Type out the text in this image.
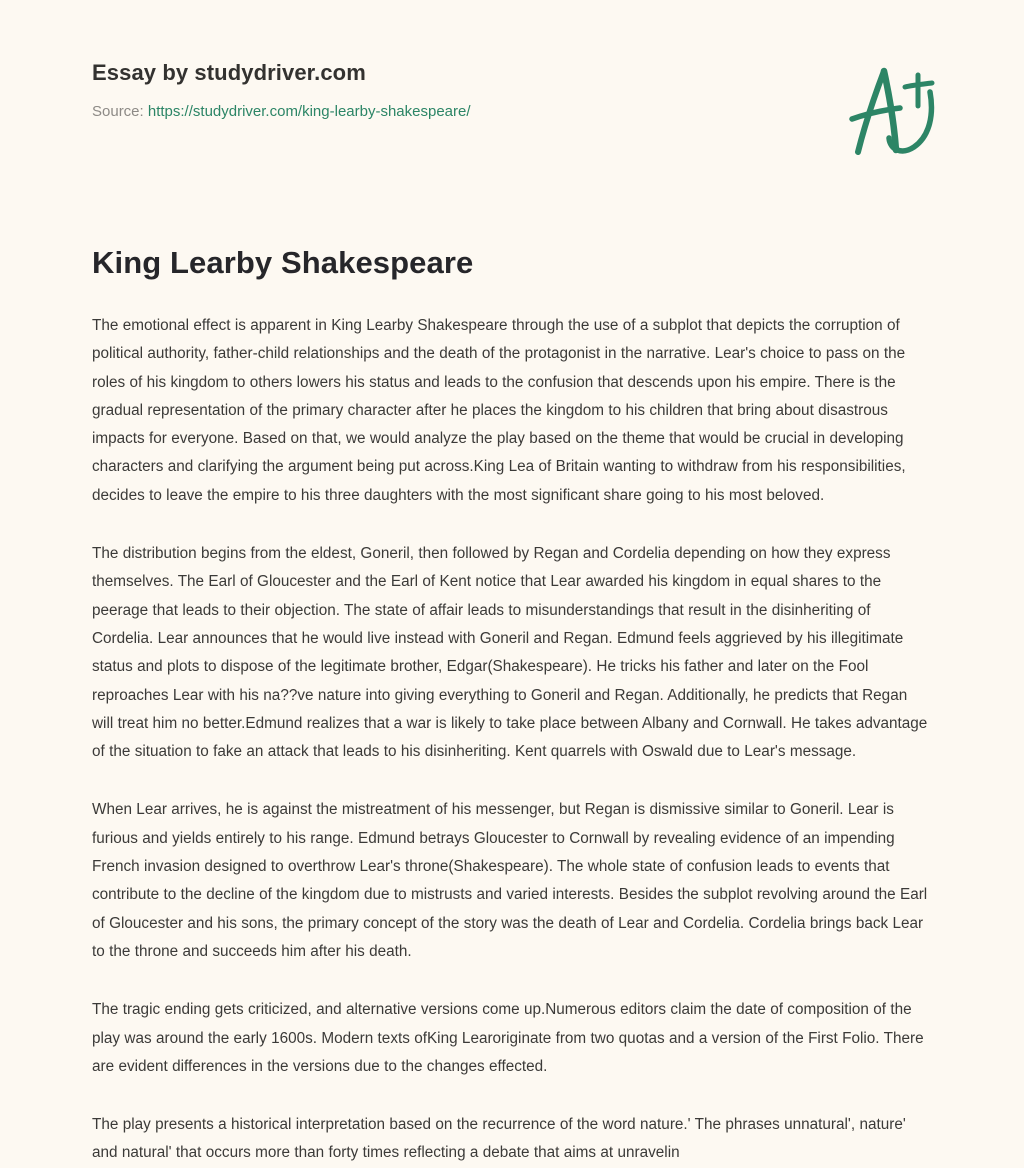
Essay by studydriver.com
Source: https://studydriver.com/king-learby-shakespeare/
King Learby Shakespeare

The emotional effect is apparent in King Learby Shakespeare through the use of a subplot that depicts the corruption of political authority, father-child relationships and the death of the protagonist in the narrative. Lear's choice to pass on the roles of his kingdom to others lowers his status and leads to the confusion that descends upon his empire. There is the gradual representation of the primary character after he places the kingdom to his children that bring about disastrous impacts for everyone. Based on that, we would analyze the play based on the theme that would be crucial in developing characters and clarifying the argument being put across.King Lea of Britain wanting to withdraw from his responsibilities, decides to leave the empire to his three daughters with the most significant share going to his most beloved.

The distribution begins from the eldest, Goneril, then followed by Regan and Cordelia depending on how they express themselves. The Earl of Gloucester and the Earl of Kent notice that Lear awarded his kingdom in equal shares to the peerage that leads to their objection. The state of affair leads to misunderstandings that result in the disinheriting of Cordelia. Lear announces that he would live instead with Goneril and Regan. Edmund feels aggrieved by his illegitimate status and plots to dispose of the legitimate brother, Edgar(Shakespeare). He tricks his father and later on the Fool reproaches Lear with his na??ve nature into giving everything to Goneril and Regan. Additionally, he predicts that Regan will treat him no better.Edmund realizes that a war is likely to take place between Albany and Cornwall. He takes advantage of the situation to fake an attack that leads to his disinheriting. Kent quarrels with Oswald due to Lear's message.

When Lear arrives, he is against the mistreatment of his messenger, but Regan is dismissive similar to Goneril. Lear is furious and yields entirely to his range. Edmund betrays Gloucester to Cornwall by revealing evidence of an impending French invasion designed to overthrow Lear's throne(Shakespeare). The whole state of confusion leads to events that contribute to the decline of the kingdom due to mistrusts and varied interests. Besides the subplot revolving around the Earl of Gloucester and his sons, the primary concept of the story was the death of Lear and Cordelia. Cordelia brings back Lear to the throne and succeeds him after his death.

The tragic ending gets criticized, and alternative versions come up.Numerous editors claim the date of composition of the play was around the early 1600s. Modern texts ofKing Learoriginate from two quotas and a version of the First Folio. There are evident differences in the versions due to the changes effected.

The play presents a historical interpretation based on the recurrence of the word nature.' The phrases unnatural', nature' and natural' that occurs more than forty times reflecting a debate that aims at unravelin
